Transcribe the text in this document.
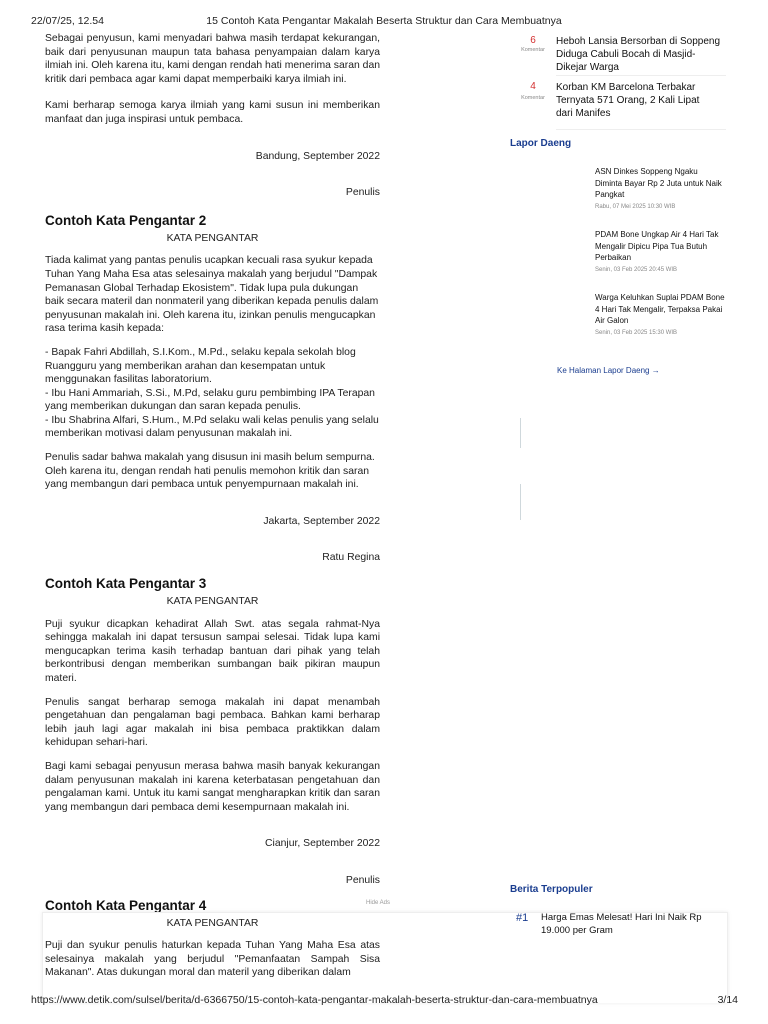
22/07/25, 12.54	15 Contoh Kata Pengantar Makalah Beserta Struktur dan Cara Membuatnya

Sebagai penyusun, kami menyadari bahwa masih terdapat kekurangan, baik dari penyusunan maupun tata bahasa penyampaian dalam karya ilmiah ini. Oleh karena itu, kami dengan rendah hati menerima saran dan kritik dari pembaca agar kami dapat memperbaiki karya ilmiah ini.

Kami berharap semoga karya ilmiah yang kami susun ini memberikan manfaat dan juga inspirasi untuk pembaca.

Bandung, September 2022

Penulis

Contoh Kata Pengantar 2

KATA PENGANTAR

Tiada kalimat yang pantas penulis ucapkan kecuali rasa syukur kepada Tuhan Yang Maha Esa atas selesainya makalah yang berjudul "Dampak Pemanasan Global Terhadap Ekosistem". Tidak lupa pula dukungan baik secara materil dan nonmateril yang diberikan kepada penulis dalam penyusunan makalah ini. Oleh karena itu, izinkan penulis mengucapkan rasa terima kasih kepada:

- Bapak Fahri Abdillah, S.I.Kom., M.Pd., selaku kepala sekolah blog Ruangguru yang memberikan arahan dan kesempatan untuk menggunakan fasilitas laboratorium.

- Ibu Hani Ammariah, S.Si., M.Pd, selaku guru pembimbing IPA Terapan yang memberikan dukungan dan saran kepada penulis.

- Ibu Shabrina Alfari, S.Hum., M.Pd selaku wali kelas penulis yang selalu memberikan motivasi dalam penyusunan makalah ini.

Penulis sadar bahwa makalah yang disusun ini masih belum sempurna. Oleh karena itu, dengan rendah hati penulis memohon kritik dan saran yang membangun dari pembaca untuk penyempurnaan makalah ini.

Jakarta, September 2022

Ratu Regina

Contoh Kata Pengantar 3

KATA PENGANTAR

Puji syukur dicapkan kehadirat Allah Swt. atas segala rahmat-Nya sehingga makalah ini dapat tersusun sampai selesai. Tidak lupa kami mengucapkan terima kasih terhadap bantuan dari pihak yang telah berkontribusi dengan memberikan sumbangan baik pikiran maupun materi.

Penulis sangat berharap semoga makalah ini dapat menambah pengetahuan dan pengalaman bagi pembaca. Bahkan kami berharap lebih jauh lagi agar makalah ini bisa pembaca praktikkan dalam kehidupan sehari-hari.

Bagi kami sebagai penyusun merasa bahwa masih banyak kekurangan dalam penyusunan makalah ini karena keterbatasan pengetahuan dan pengalaman kami. Untuk itu kami sangat mengharapkan kritik dan saran yang membangun dari pembaca demi kesempurnaan makalah ini.

Cianjur, September 2022

Penulis

Contoh Kata Pengantar 4

KATA PENGANTAR

Puji dan syukur penulis haturkan kepada Tuhan Yang Maha Esa atas selesainya makalah yang berjudul "Pemanfaatan Sampah Sisa Makanan". Atas dukungan moral dan materil yang diberikan dalam

Hide Ads
6
Komentar
Heboh Lansia Bersorban di Soppeng Diduga Cabuli Bocah di Masjid-Dikejar Warga
4
Komentar
Korban KM Barcelona Terbakar Ternyata 571 Orang, 2 Kali Lipat dari Manifes
Lapor Daeng
ASN Dinkes Soppeng Ngaku Diminta Bayar Rp 2 Juta untuk Naik Pangkat
Rabu, 07 Mei 2025 10:30 WIB
PDAM Bone Ungkap Air 4 Hari Tak Mengalir Dipicu Pipa Tua Butuh Perbaikan
Senin, 03 Feb 2025 20:45 WIB
Warga Keluhkan Suplai PDAM Bone 4 Hari Tak Mengalir, Terpaksa Pakai Air Galon
Senin, 03 Feb 2025 15:30 WIB
Ke Halaman Lapor Daeng →
Berita Terpopuler
#1 Harga Emas Melesat! Hari Ini Naik Rp 19.000 per Gram
https://www.detik.com/sulsel/berita/d-6366750/15-contoh-kata-pengantar-makalah-beserta-struktur-dan-cara-membuatnya	3/14
